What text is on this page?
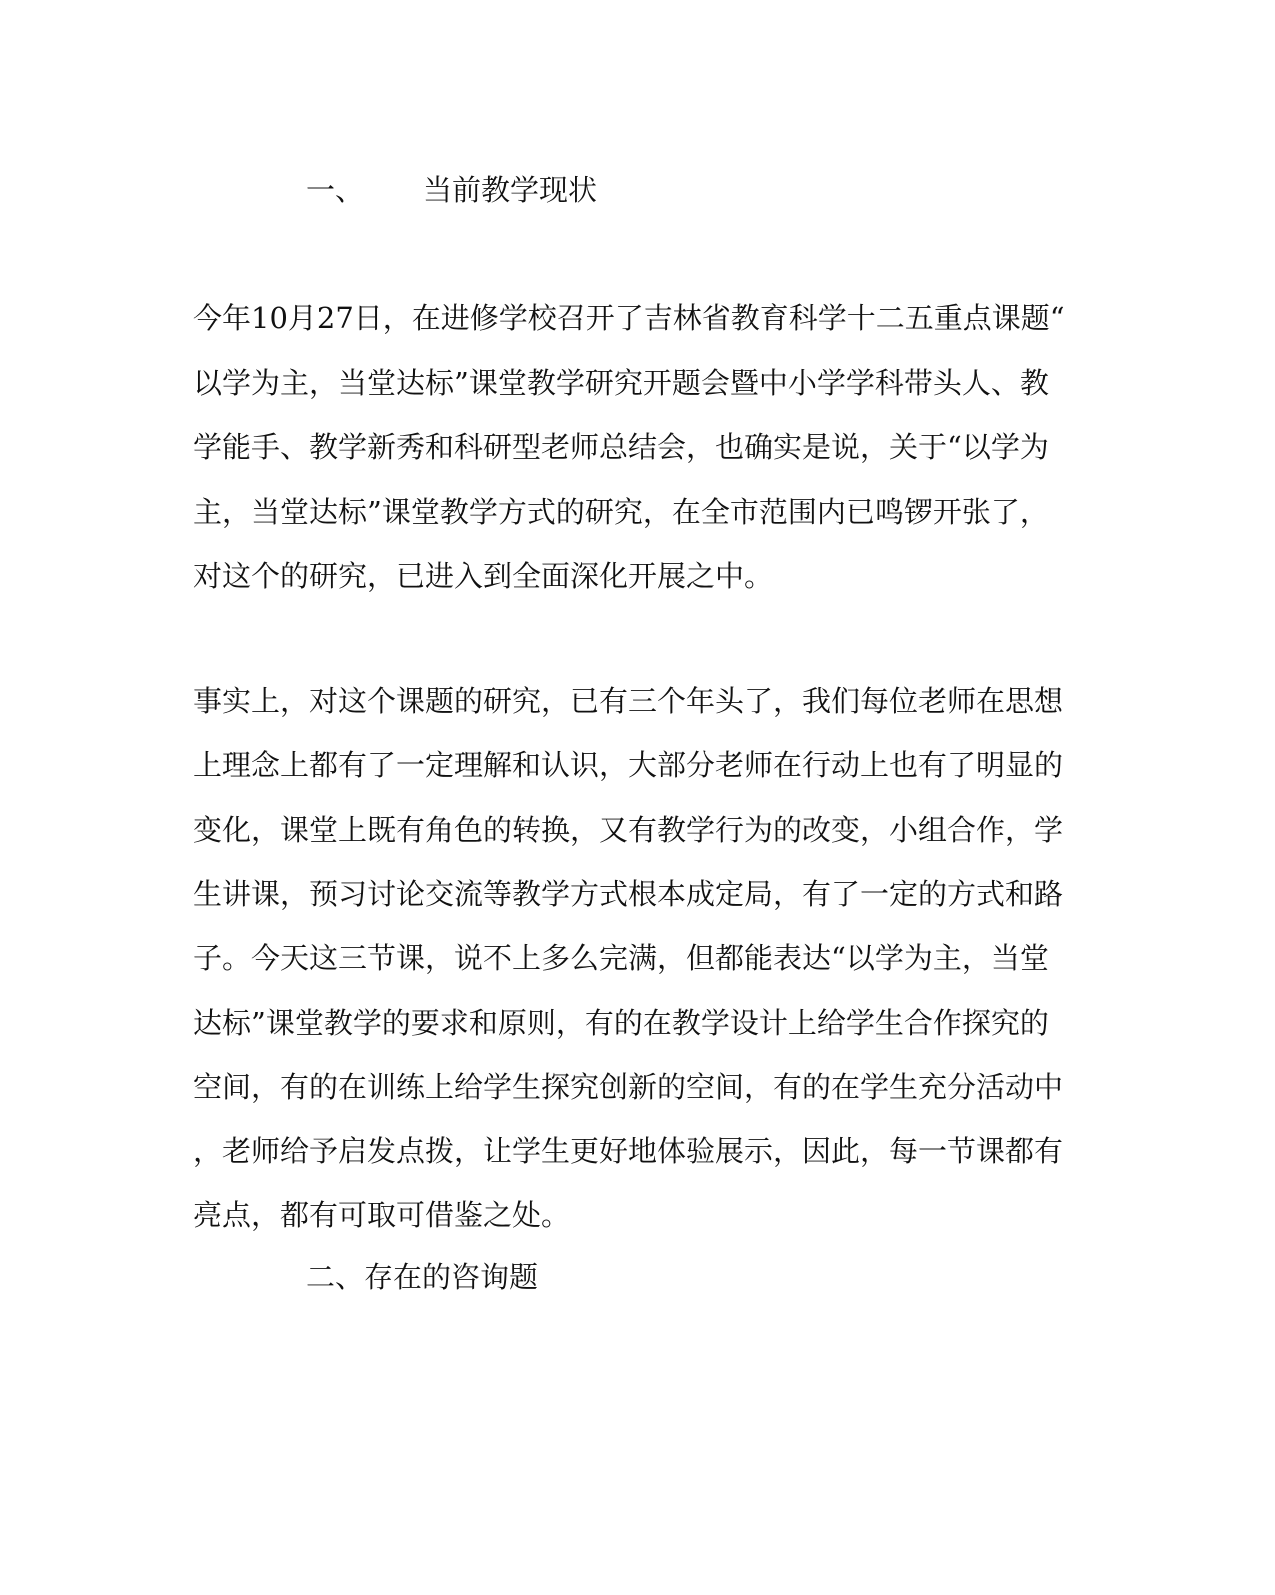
一、 当前教学现状
今年10月27日，在进修学校召开了吉林省教育科学十二五重点课题“
以学为主，当堂达标”课堂教学研究开题会暨中小学学科带头人、教
学能手、教学新秀和科研型老师总结会，也确实是说，关于“以学为
主，当堂达标”课堂教学方式的研究，在全市范围内已鸣锣开张了，
对这个的研究，已进入到全面深化开展之中。
事实上，对这个课题的研究，已有三个年头了，我们每位老师在思想
上理念上都有了一定理解和认识，大部分老师在行动上也有了明显的
变化，课堂上既有角色的转换，又有教学行为的改变，小组合作，学
生讲课，预习讨论交流等教学方式根本成定局，有了一定的方式和路
子。今天这三节课，说不上多么完满，但都能表达“以学为主，当堂
达标”课堂教学的要求和原则，有的在教学设计上给学生合作探究的
空间，有的在训练上给学生探究创新的空间，有的在学生充分活动中
，老师给予启发点拨，让学生更好地体验展示，因此，每一节课都有
亮点，都有可取可借鉴之处。
二、存在的咨询题
